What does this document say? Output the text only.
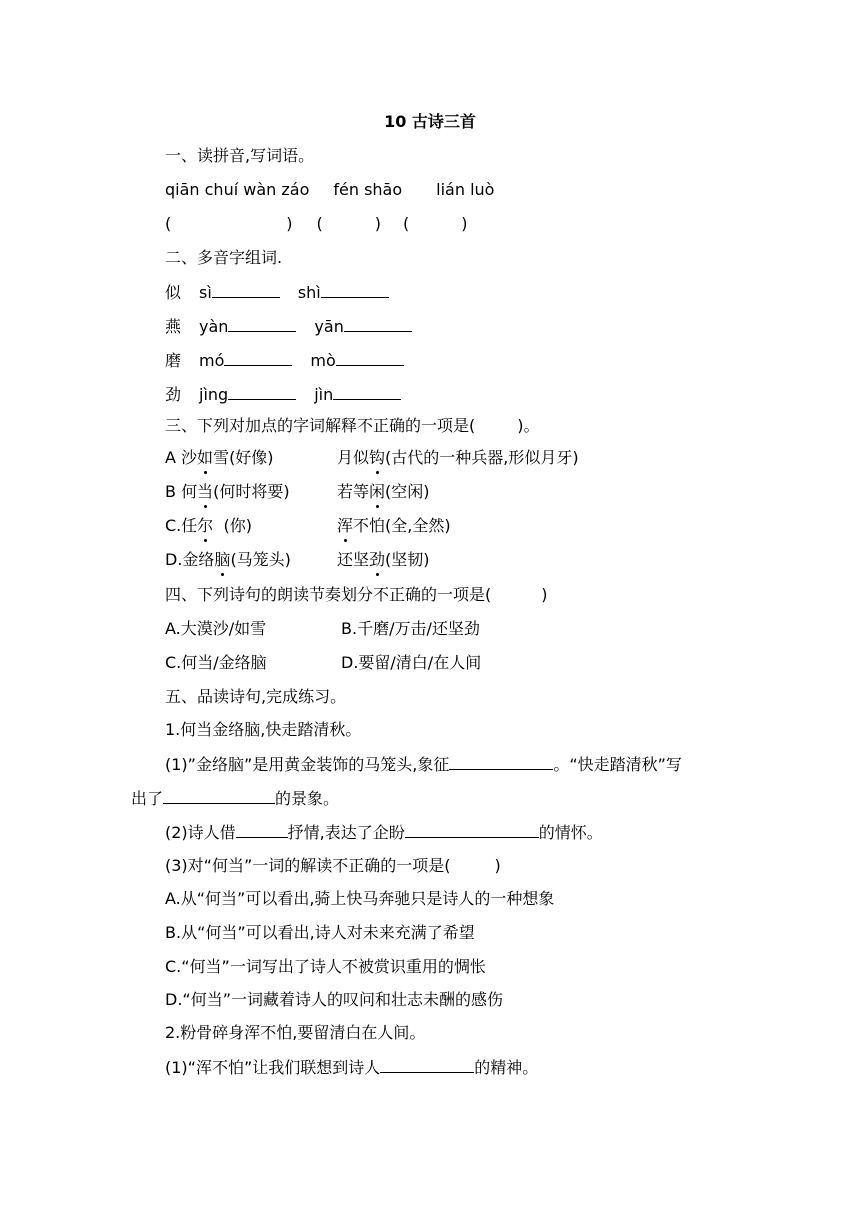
10 古诗三首

一、读拼音,写词语。

qiān chuí wàn záo fén shāo lián luò

(	) (	) (	)

二、多音字组词.

似 sì	shì

燕 yàn	yān

磨 mó	mò

劲 jìng	jìn

三、下列对加点的字词解释不正确的一项是(	)。

A 沙如雪(好像)	月似钩(古代的一种兵器,形似月牙)

B 何当(何时将要)	若等闲(空闲)

C.任尔  (你)	浑不怕(全,全然)

D.金络脑(马笼头)	还坚劲(坚韧)

四、下列诗句的朗读节奏划分不正确的一项是(	)

A.大漠沙/如雪	B.千磨/万击/还坚劲

C.何当/金络脑	D.要留/清白/在人间

五、品读诗句,完成练习。

1.何当金络脑,快走踏清秋。

(1)”金络脑”是用黄金装饰的马笼头,象征	。“快走踏清秋”写

出了	的景象。

(2)诗人借	抒情,表达了企盼	的情怀。

(3)对“何当”一词的解读不正确的一项是(	)

A.从“何当”可以看出,骑上快马奔驰只是诗人的一种想象

B.从“何当”可以看出,诗人对未来充满了希望

C.“何当”一词写出了诗人不被赏识重用的惆怅

D.“何当”一词藏着诗人的叹问和壮志未酬的感伤

2.粉骨碎身浑不怕,要留清白在人间。

(1)“浑不怕”让我们联想到诗人	的精神。
